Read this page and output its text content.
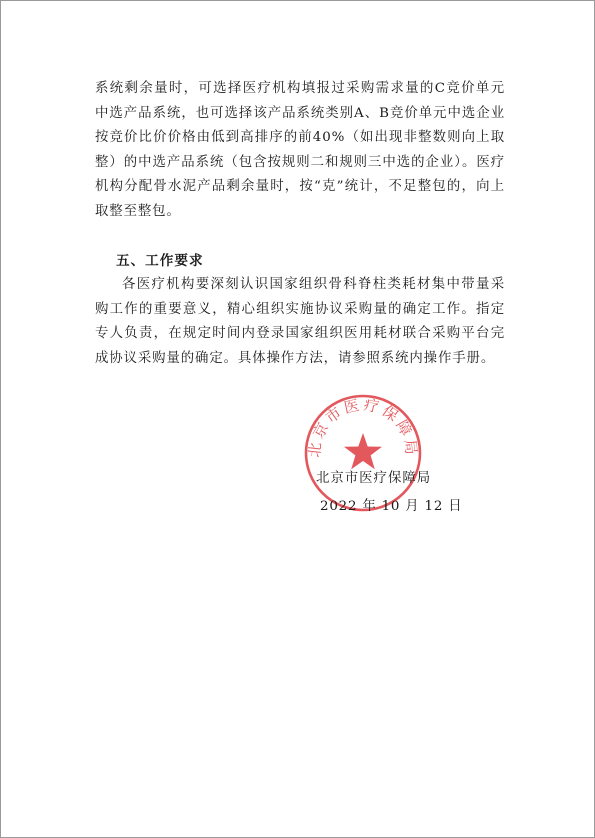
系统剩余量时，可选择医疗机构填报过采购需求量的C竞价单元中选产品系统，也可选择该产品系统类别A、B竞价单元中选企业按竞价比价价格由低到高排序的前40%（如出现非整数则向上取整）的中选产品系统（包含按规则二和规则三中选的企业）。医疗机构分配骨水泥产品剩余量时，按“克”统计，不足整包的，向上取整至整包。
五、工作要求
各医疗机构要深刻认识国家组织骨科脊柱类耗材集中带量采购工作的重要意义，精心组织实施协议采购量的确定工作。指定专人负责，在规定时间内登录国家组织医用耗材联合采购平台完成协议采购量的确定。具体操作方法，请参照系统内操作手册。
北京市医疗保障局
北京市医疗保障局
2022 年 10 月 12 日
